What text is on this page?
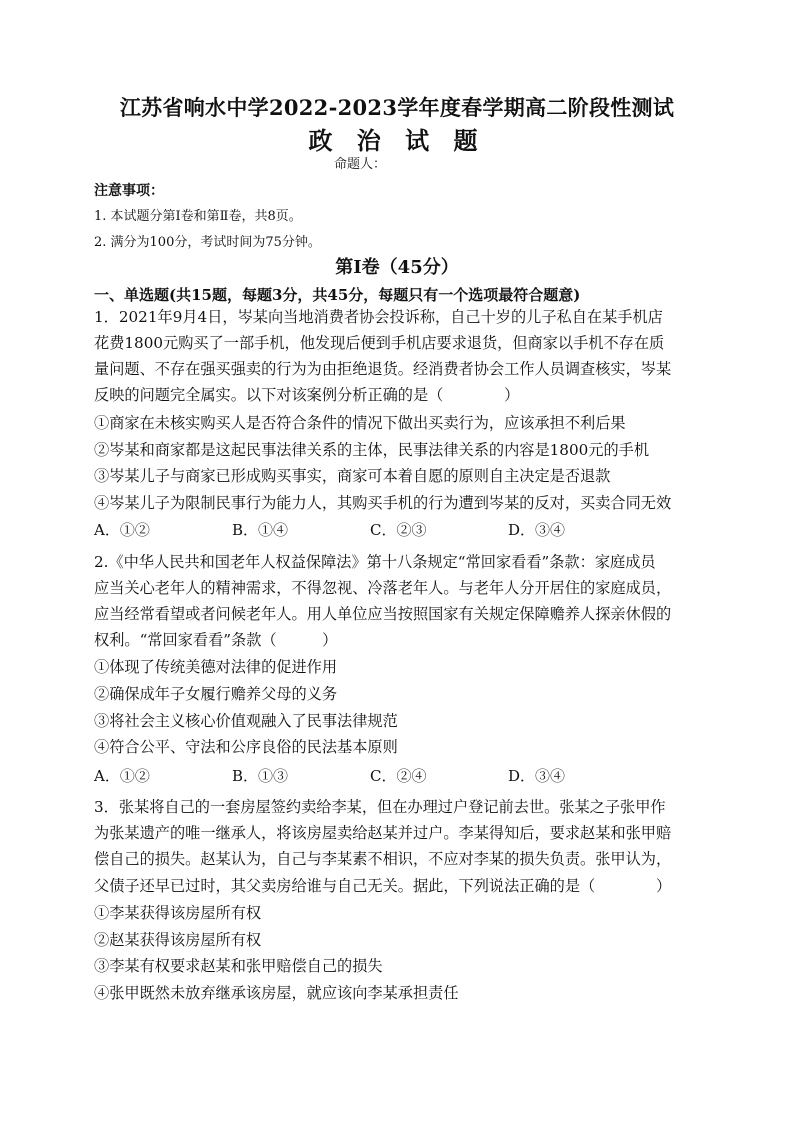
江苏省响水中学2022-2023学年度春学期高二阶段性测试
政 治 试 题
命题人：
注意事项：
1. 本试题分第Ⅰ卷和第Ⅱ卷，共8页。
2. 满分为100分，考试时间为75分钟。
第Ⅰ卷（45分）
一、单选题(共15题，每题3分，共45分，每题只有一个选项最符合题意)
1．2021年9月4日，岑某向当地消费者协会投诉称，自己十岁的儿子私自在某手机店
花费1800元购买了一部手机，他发现后便到手机店要求退货，但商家以手机不存在质
量问题、不存在强买强卖的行为为由拒绝退货。经消费者协会工作人员调查核实，岑某
反映的问题完全属实。以下对该案例分析正确的是（　　　　）
①商家在未核实购买人是否符合条件的情况下做出买卖行为，应该承担不利后果
②岑某和商家都是这起民事法律关系的主体，民事法律关系的内容是1800元的手机
③岑某儿子与商家已形成购买事实，商家可本着自愿的原则自主决定是否退款
④岑某儿子为限制民事行为能力人，其购买手机的行为遭到岑某的反对，买卖合同无效
A．①②	B．①④	C．②③	D．③④
2.《中华人民共和国老年人权益保障法》第十八条规定“常回家看看”条款：家庭成员
应当关心老年人的精神需求，不得忽视、冷落老年人。与老年人分开居住的家庭成员，
应当经常看望或者问候老年人。用人单位应当按照国家有关规定保障赡养人探亲休假的
权利。“常回家看看”条款（　　　）
①体现了传统美德对法律的促进作用
②确保成年子女履行赡养父母的义务
③将社会主义核心价值观融入了民事法律规范
④符合公平、守法和公序良俗的民法基本原则
A．①②	B．①③	C．②④	D．③④
3．张某将自己的一套房屋签约卖给李某，但在办理过户登记前去世。张某之子张甲作
为张某遗产的唯一继承人，将该房屋卖给赵某并过户。李某得知后，要求赵某和张甲赔
偿自己的损失。赵某认为，自己与李某素不相识，不应对李某的损失负责。张甲认为，
父债子还早已过时，其父卖房给谁与自己无关。据此，下列说法正确的是（　　　　）
①李某获得该房屋所有权
②赵某获得该房屋所有权
③李某有权要求赵某和张甲赔偿自己的损失
④张甲既然未放弃继承该房屋，就应该向李某承担责任
